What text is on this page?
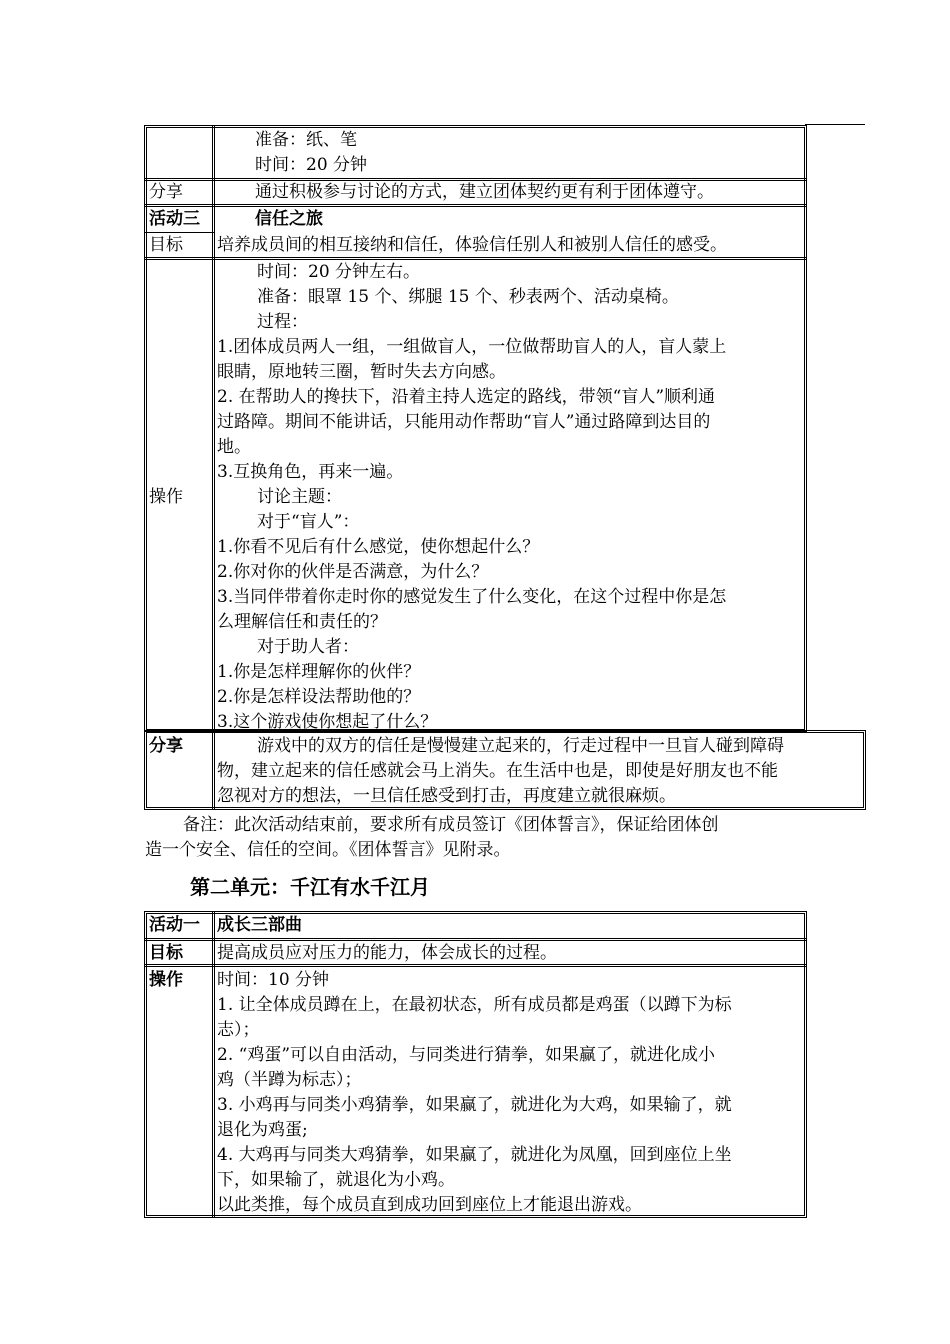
准备：纸、笔
时间：20 分钟
分享	通过积极参与讨论的方式，建立团体契约更有利于团体遵守。
活动三	信任之旅
目标 培养成员间的相互接纳和信任，体验信任别人和被别人信任的感受。
操作
时间：20 分钟左右。
准备：眼罩 15 个、绑腿 15 个、秒表两个、活动桌椅。
过程：
1.团体成员两人一组，一组做盲人，一位做帮助盲人的人，盲人蒙上
眼睛，原地转三圈，暂时失去方向感。
2. 在帮助人的搀扶下，沿着主持人选定的路线，带领“盲人”顺利通
过路障。期间不能讲话，只能用动作帮助“盲人”通过路障到达目的
地。
3.互换角色，再来一遍。
讨论主题：
对于“盲人”：
1.你看不见后有什么感觉，使你想起什么？
2.你对你的伙伴是否满意，为什么？
3.当同伴带着你走时你的感觉发生了什么变化，在这个过程中你是怎
么理解信任和责任的？
对于助人者：
1.你是怎样理解你的伙伴？
2.你是怎样设法帮助他的？
3.这个游戏使你想起了什么？
分享	游戏中的双方的信任是慢慢建立起来的，行走过程中一旦盲人碰到障碍
物，建立起来的信任感就会马上消失。在生活中也是，即使是好朋友也不能
忽视对方的想法，一旦信任感受到打击，再度建立就很麻烦。
备注：此次活动结束前，要求所有成员签订《团体誓言》，保证给团体创
造一个安全、信任的空间。《团体誓言》见附录。
第二单元：千江有水千江月
活动一 成长三部曲
目标 提高成员应对压力的能力，体会成长的过程。
操作 时间：10 分钟
1. 让全体成员蹲在上，在最初状态，所有成员都是鸡蛋（以蹲下为标
志）；
2. “鸡蛋”可以自由活动，与同类进行猜拳，如果赢了，就进化成小
鸡（半蹲为标志）；
3. 小鸡再与同类小鸡猜拳，如果赢了，就进化为大鸡，如果输了，就
退化为鸡蛋;
4. 大鸡再与同类大鸡猜拳，如果赢了，就进化为凤凰，回到座位上坐
下，如果输了，就退化为小鸡。
以此类推，每个成员直到成功回到座位上才能退出游戏。
